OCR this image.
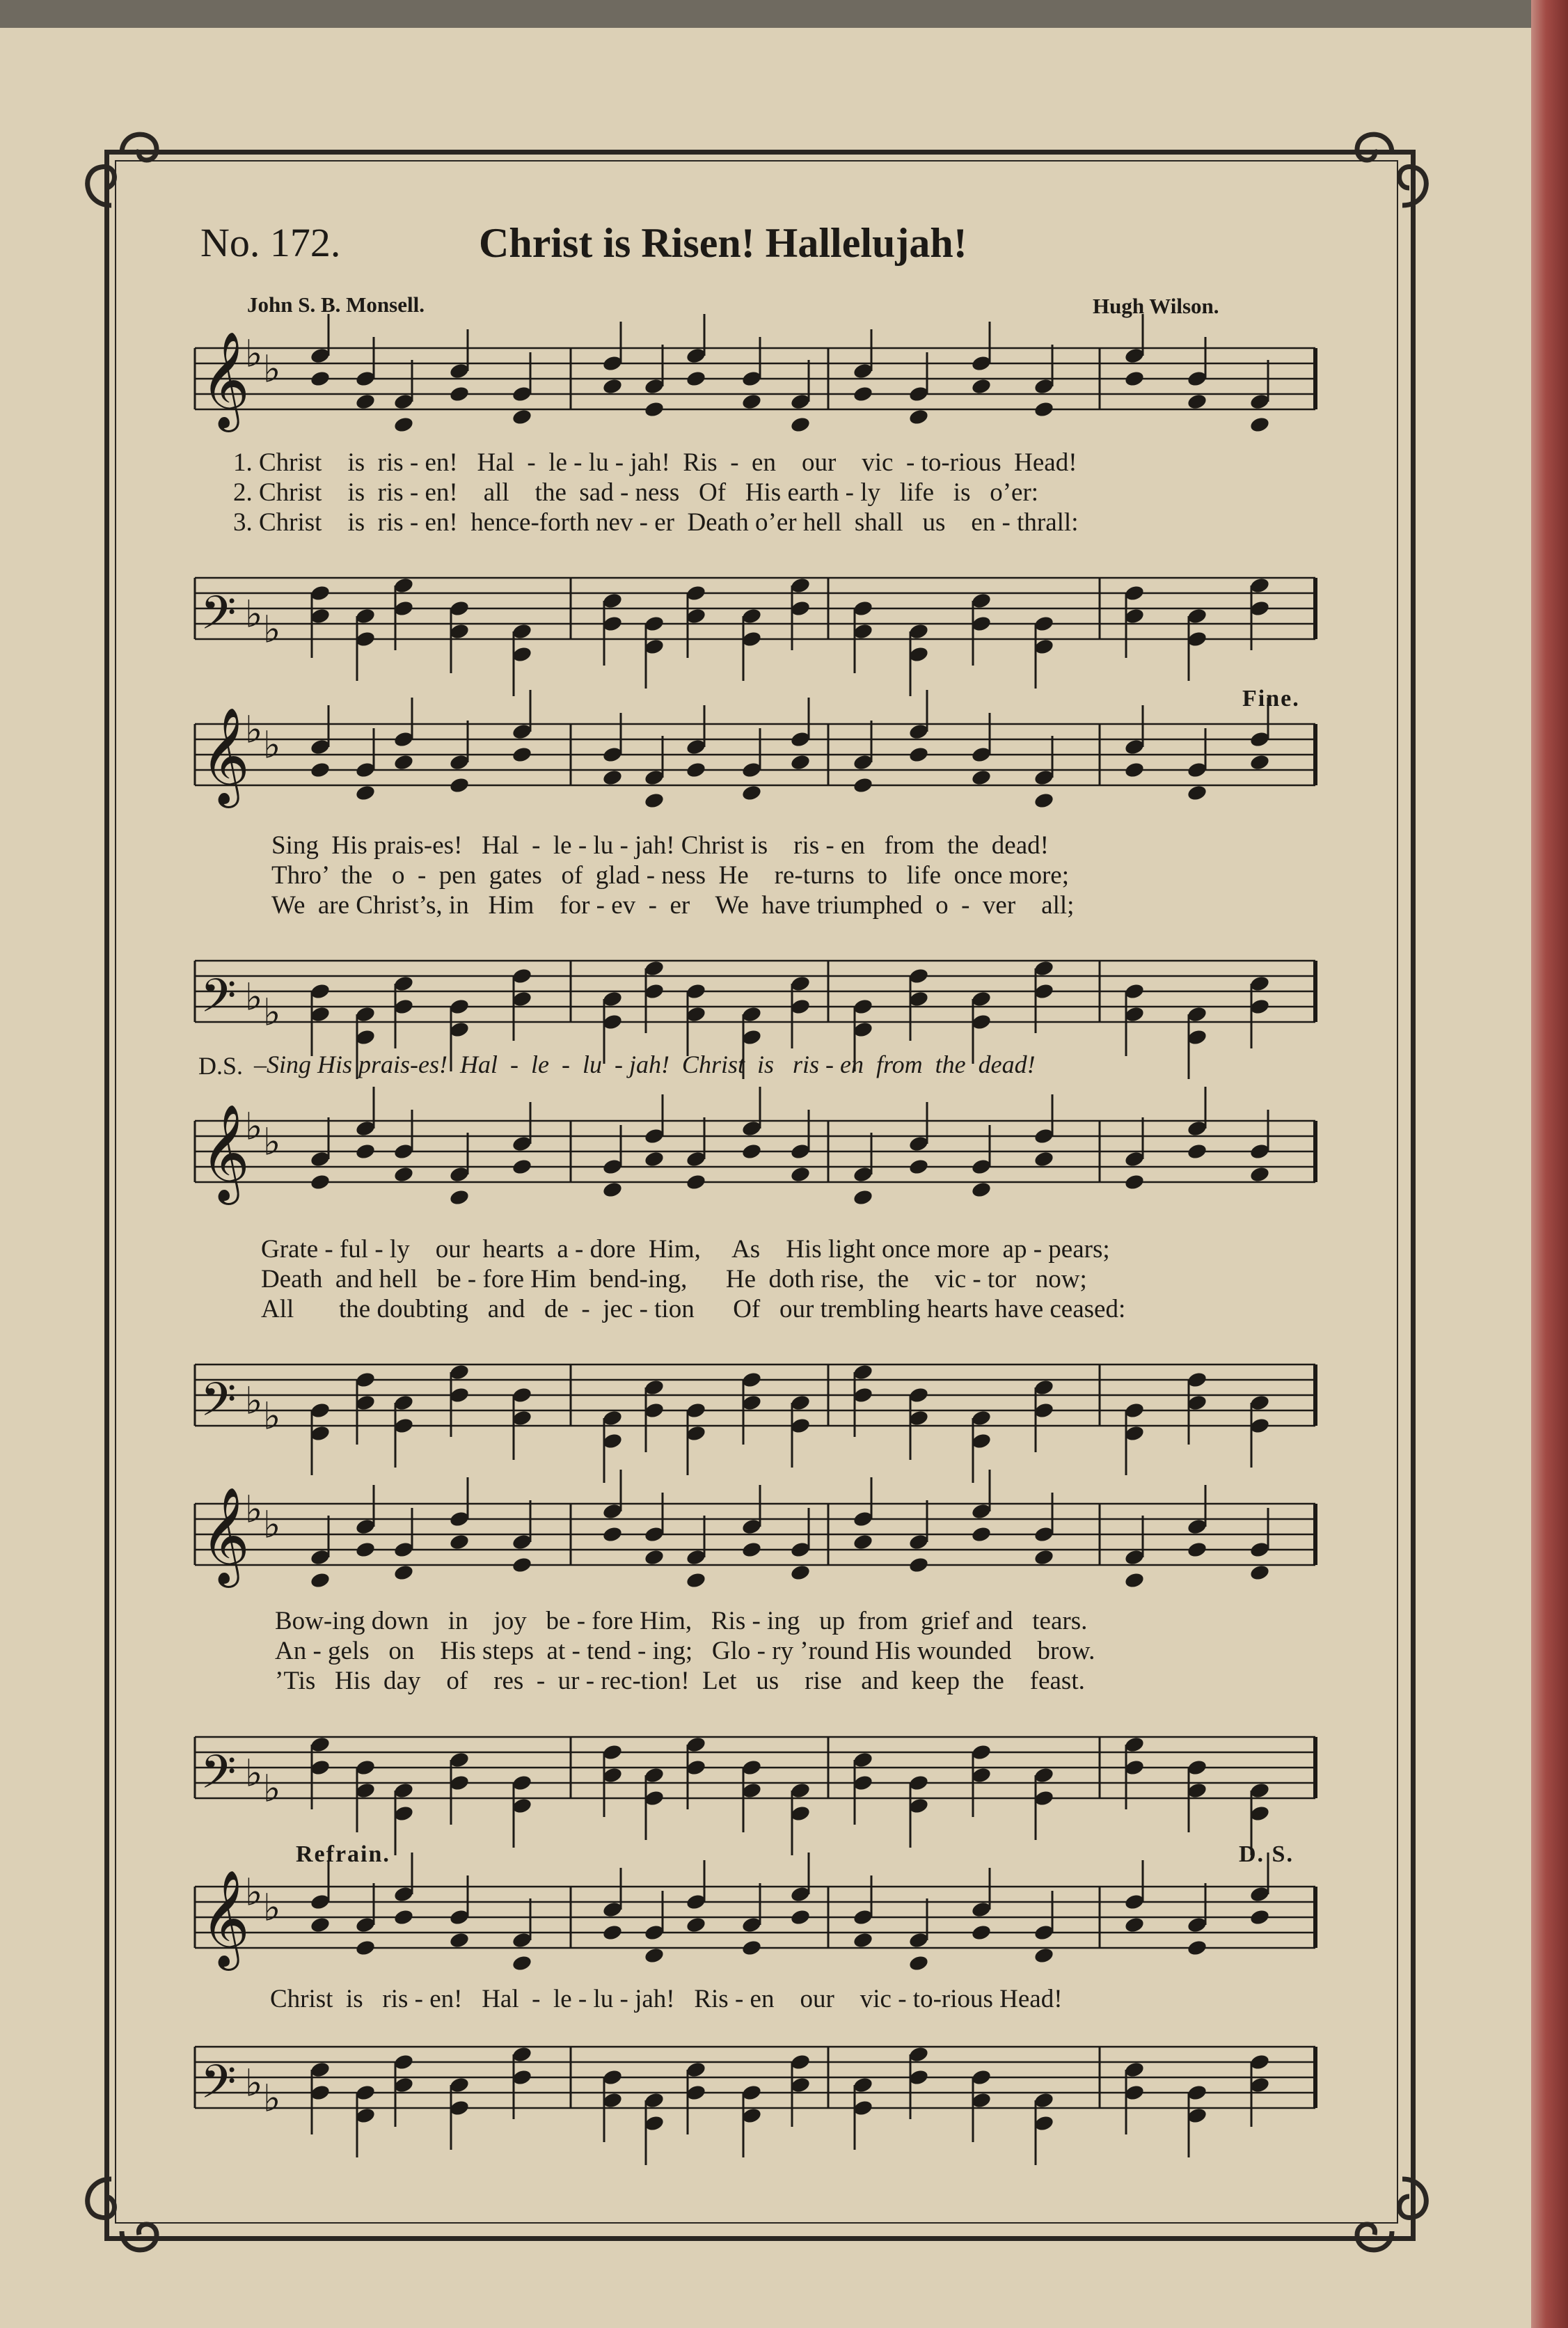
No. 172.	Christ is Risen! Hallelujah!
John S. B. Monsell.	Hugh Wilson.
𝄞
♭ ♭
1. Christ    is  ris - en!   Hal  -  le - lu - jah!  Ris  -  en    our    vic  - to-rious  Head!
2. Christ    is  ris - en!    all    the  sad - ness   Of   His earth - ly   life   is   o’er:
3. Christ    is  ris - en!  hence-forth nev - er  Death o’er hell  shall   us    en - thrall:
𝄢 ♭ ♭
Fine.
𝄞
♭ ♭
Sing  His prais-es!   Hal  -  le - lu - jah! Christ is    ris - en   from  the  dead!
Thro’  the   o  -  pen  gates   of  glad - ness  He    re-turns  to   life  once more;
We  are Christ’s, in   Him    for - ev  -  er    We  have triumphed  o  -  ver    all;
𝄢 ♭ ♭
D.S. –Sing His prais-es!  Hal  -  le  -  lu  - jah!  Christ  is   ris - en  from  the  dead!
𝄞
♭ ♭
Grate - ful - ly    our  hearts  a - dore  Him,     As    His light once more  ap - pears;
Death  and hell   be - fore Him  bend-ing,      He  doth rise,  the    vic - tor   now;
All       the doubting   and   de  -  jec - tion      Of   our trembling hearts have ceased:
𝄢 ♭ ♭
𝄞
♭ ♭
Bow-ing down   in    joy   be - fore Him,   Ris - ing   up  from  grief and   tears.
An - gels   on    His steps  at - tend - ing;   Glo - ry ’round His wounded    brow.
’Tis   His  day    of    res  -  ur - rec-tion!  Let   us    rise   and  keep  the    feast.
𝄢 ♭ ♭
Refrain.	D. S.
𝄞
♭ ♭
Christ  is   ris - en!   Hal  -  le - lu - jah!   Ris - en    our    vic - to-rious Head!
𝄢 ♭ ♭
